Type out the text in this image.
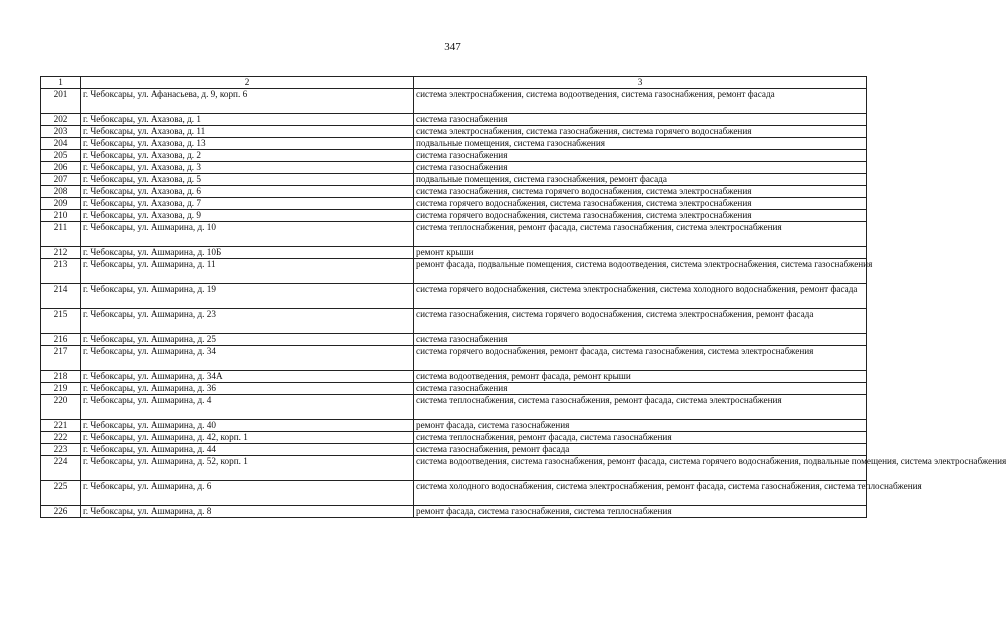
347
1	2	3
201	г. Чебоксары, ул. Афанасьева, д. 9, корп. 6	система электроснабжения, система водоотведения, система газоснабжения, ремонт фасада
202	г. Чебоксары, ул. Ахазова, д. 1	система газоснабжения
203	г. Чебоксары, ул. Ахазова, д. 11	система электроснабжения, система газоснабжения, система горячего водоснабжения
204	г. Чебоксары, ул. Ахазова, д. 13	подвальные помещения, система газоснабжения
205	г. Чебоксары, ул. Ахазова, д. 2	система газоснабжения
206	г. Чебоксары, ул. Ахазова, д. 3	система газоснабжения
207	г. Чебоксары, ул. Ахазова, д. 5	подвальные помещения, система газоснабжения, ремонт фасада
208	г. Чебоксары, ул. Ахазова, д. 6	система газоснабжения, система горячего водоснабжения, система электроснабжения
209	г. Чебоксары, ул. Ахазова, д. 7	система горячего водоснабжения, система газоснабжения, система электроснабжения
210	г. Чебоксары, ул. Ахазова, д. 9	система горячего водоснабжения, система газоснабжения, система электроснабжения
211	г. Чебоксары, ул. Ашмарина, д. 10	система теплоснабжения, ремонт фасада, система газоснабжения, система электроснабжения
212	г. Чебоксары, ул. Ашмарина, д. 10Б	ремонт крыши
213	г. Чебоксары, ул. Ашмарина, д. 11	ремонт фасада, подвальные помещения, система водоотведения, система электроснабжения, система газоснабжения
214	г. Чебоксары, ул. Ашмарина, д. 19	система горячего водоснабжения, система электроснабжения, система холодного водоснабжения, ремонт фасада
215	г. Чебоксары, ул. Ашмарина, д. 23	система газоснабжения, система горячего водоснабжения, система электроснабжения, ремонт фасада
216	г. Чебоксары, ул. Ашмарина, д. 25	система газоснабжения
217	г. Чебоксары, ул. Ашмарина, д. 34	система горячего водоснабжения, ремонт фасада, система газоснабжения, система электроснабжения
218	г. Чебоксары, ул. Ашмарина, д. 34А	система водоотведения, ремонт фасада, ремонт крыши
219	г. Чебоксары, ул. Ашмарина, д. 36	система газоснабжения
220	г. Чебоксары, ул. Ашмарина, д. 4	система теплоснабжения, система газоснабжения, ремонт фасада, система электроснабжения
221	г. Чебоксары, ул. Ашмарина, д. 40	ремонт фасада, система газоснабжения
222	г. Чебоксары, ул. Ашмарина, д. 42, корп. 1	система теплоснабжения, ремонт фасада, система газоснабжения
223	г. Чебоксары, ул. Ашмарина, д. 44	система газоснабжения, ремонт фасада
224	г. Чебоксары, ул. Ашмарина, д. 52, корп. 1	система водоотведения, система газоснабжения, ремонт фасада, система горячего водоснабжения, подвальные помещения, система электроснабжения
225	г. Чебоксары, ул. Ашмарина, д. 6	система холодного водоснабжения, система электроснабжения, ремонт фасада, система газоснабжения, система теплоснабжения
226	г. Чебоксары, ул. Ашмарина, д. 8	ремонт фасада, система газоснабжения, система теплоснабжения
